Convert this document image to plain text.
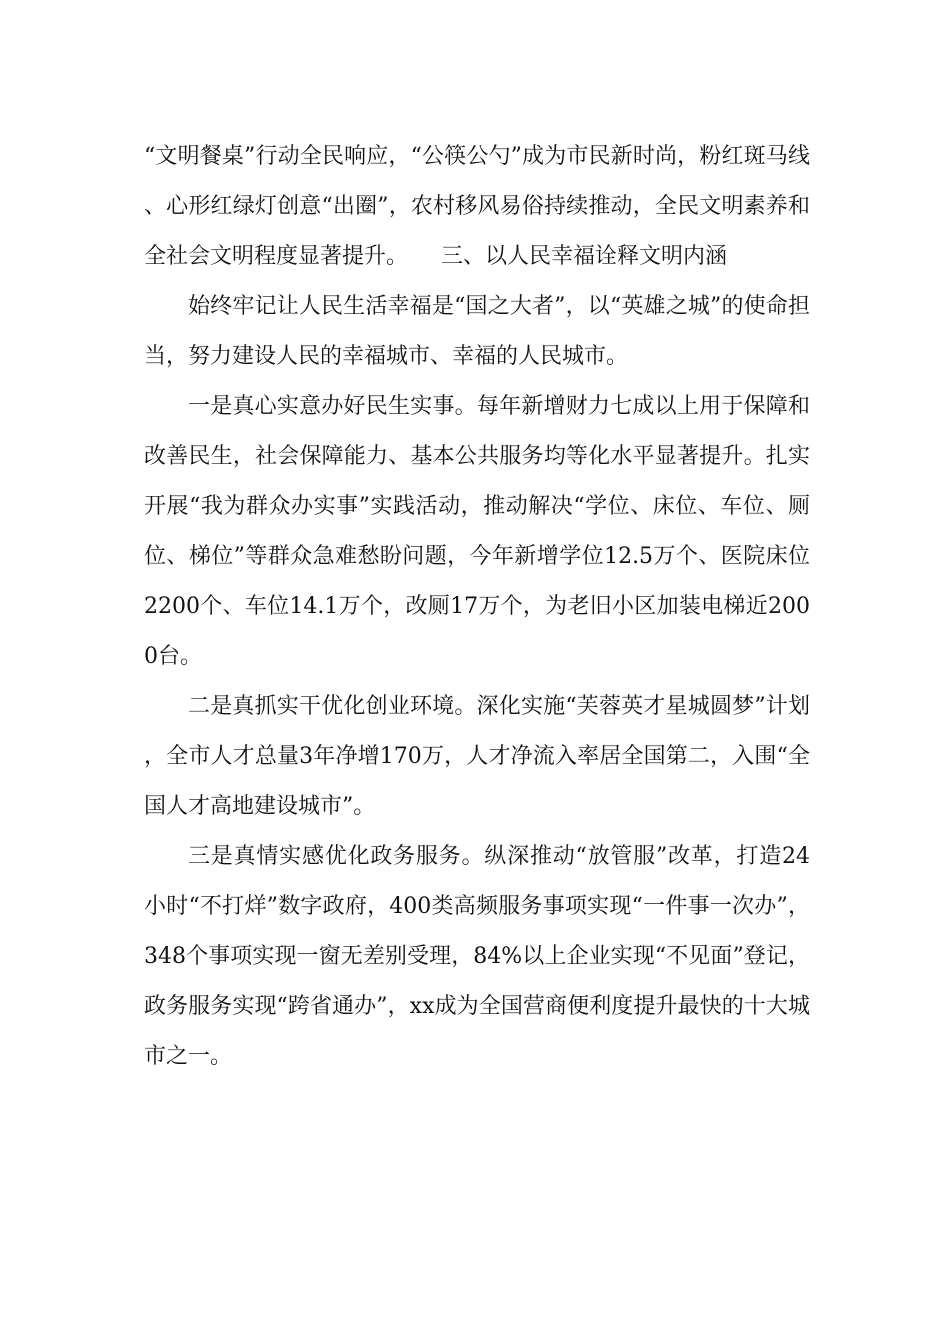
“文明餐桌”行动全民响应，“公筷公勺”成为市民新时尚，粉红斑马线、心形红绿灯创意“出圈”，农村移风易俗持续推动，全民文明素养和全社会文明程度显著提升。　　三、以人民幸福诠释文明内涵

始终牢记让人民生活幸福是“国之大者”，以“英雄之城”的使命担当，努力建设人民的幸福城市、幸福的人民城市。

一是真心实意办好民生实事。每年新增财力七成以上用于保障和改善民生，社会保障能力、基本公共服务均等化水平显著提升。扎实开展“我为群众办实事”实践活动，推动解决“学位、床位、车位、厕位、梯位”等群众急难愁盼问题，今年新增学位12.5万个、医院床位2200个、车位14.1万个，改厕17万个，为老旧小区加装电梯近2000台。

二是真抓实干优化创业环境。深化实施“芙蓉英才星城圆梦”计划，全市人才总量3年净增170万，人才净流入率居全国第二，入围“全国人才高地建设城市”。

三是真情实感优化政务服务。纵深推动“放管服”改革，打造24小时“不打烊”数字政府，400类高频服务事项实现“一件事一次办”，348个事项实现一窗无差别受理，84%以上企业实现“不见面”登记，政务服务实现“跨省通办”，xx成为全国营商便利度提升最快的十大城市之一。
